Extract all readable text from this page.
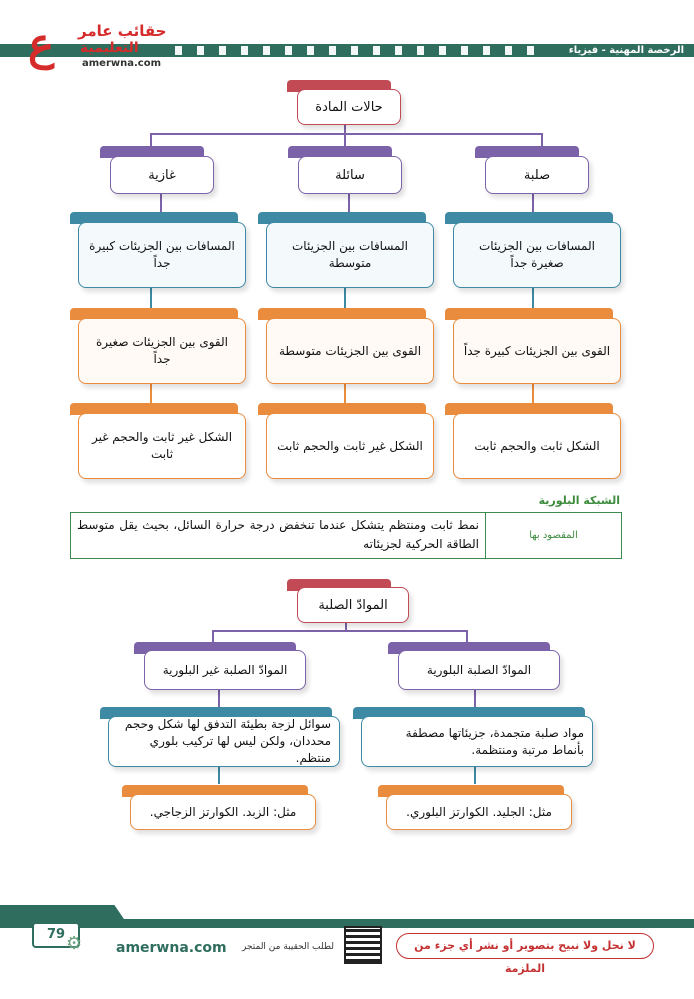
الرخصة المهنية - فيزياء
ع حقائب عامر
التعليمية
amerwna.com
حالات المادة
غازية	سائلة	صلبة
المسافات بين الجزيئات كبيرة جداً
المسافات بين الجزيئات متوسطة
المسافات بين الجزيئات صغيرة جداً
القوى بين الجزيئات صغيرة جداً
القوى بين الجزيئات متوسطة	القوى بين الجزيئات كبيرة جداً
الشكل غير ثابت والحجم غير ثابت
الشكل غير ثابت والحجم ثابت	الشكل ثابت والحجم ثابت
الشبكة البلورية
المقصود بها
نمط ثابت ومنتظم يتشكل عندما تنخفض درجة حرارة السائل، بحيث يقل متوسط الطاقة الحركية لجزيئاته
الموادّ الصلبة
الموادّ الصلبة غير البلورية	الموادّ الصلبة البلورية
سوائل لزجة بطيئة التدفق لها شكل وحجم محددان، ولكن ليس لها تركيب بلوري منتظم.
مواد صلبة متجمدة، جزيئاتها مصطفة بأنماط مرتبة ومنتظمة.
مثل: الزبد. الكوارتز الزجاجي.	مثل: الجليد. الكوارتز البلوري.
79 ⚙ amerwna.com لطلب الحقيبة من المتجر	لا نحل ولا نبيح بتصوير أو نشر أي جزء من الملزمة
